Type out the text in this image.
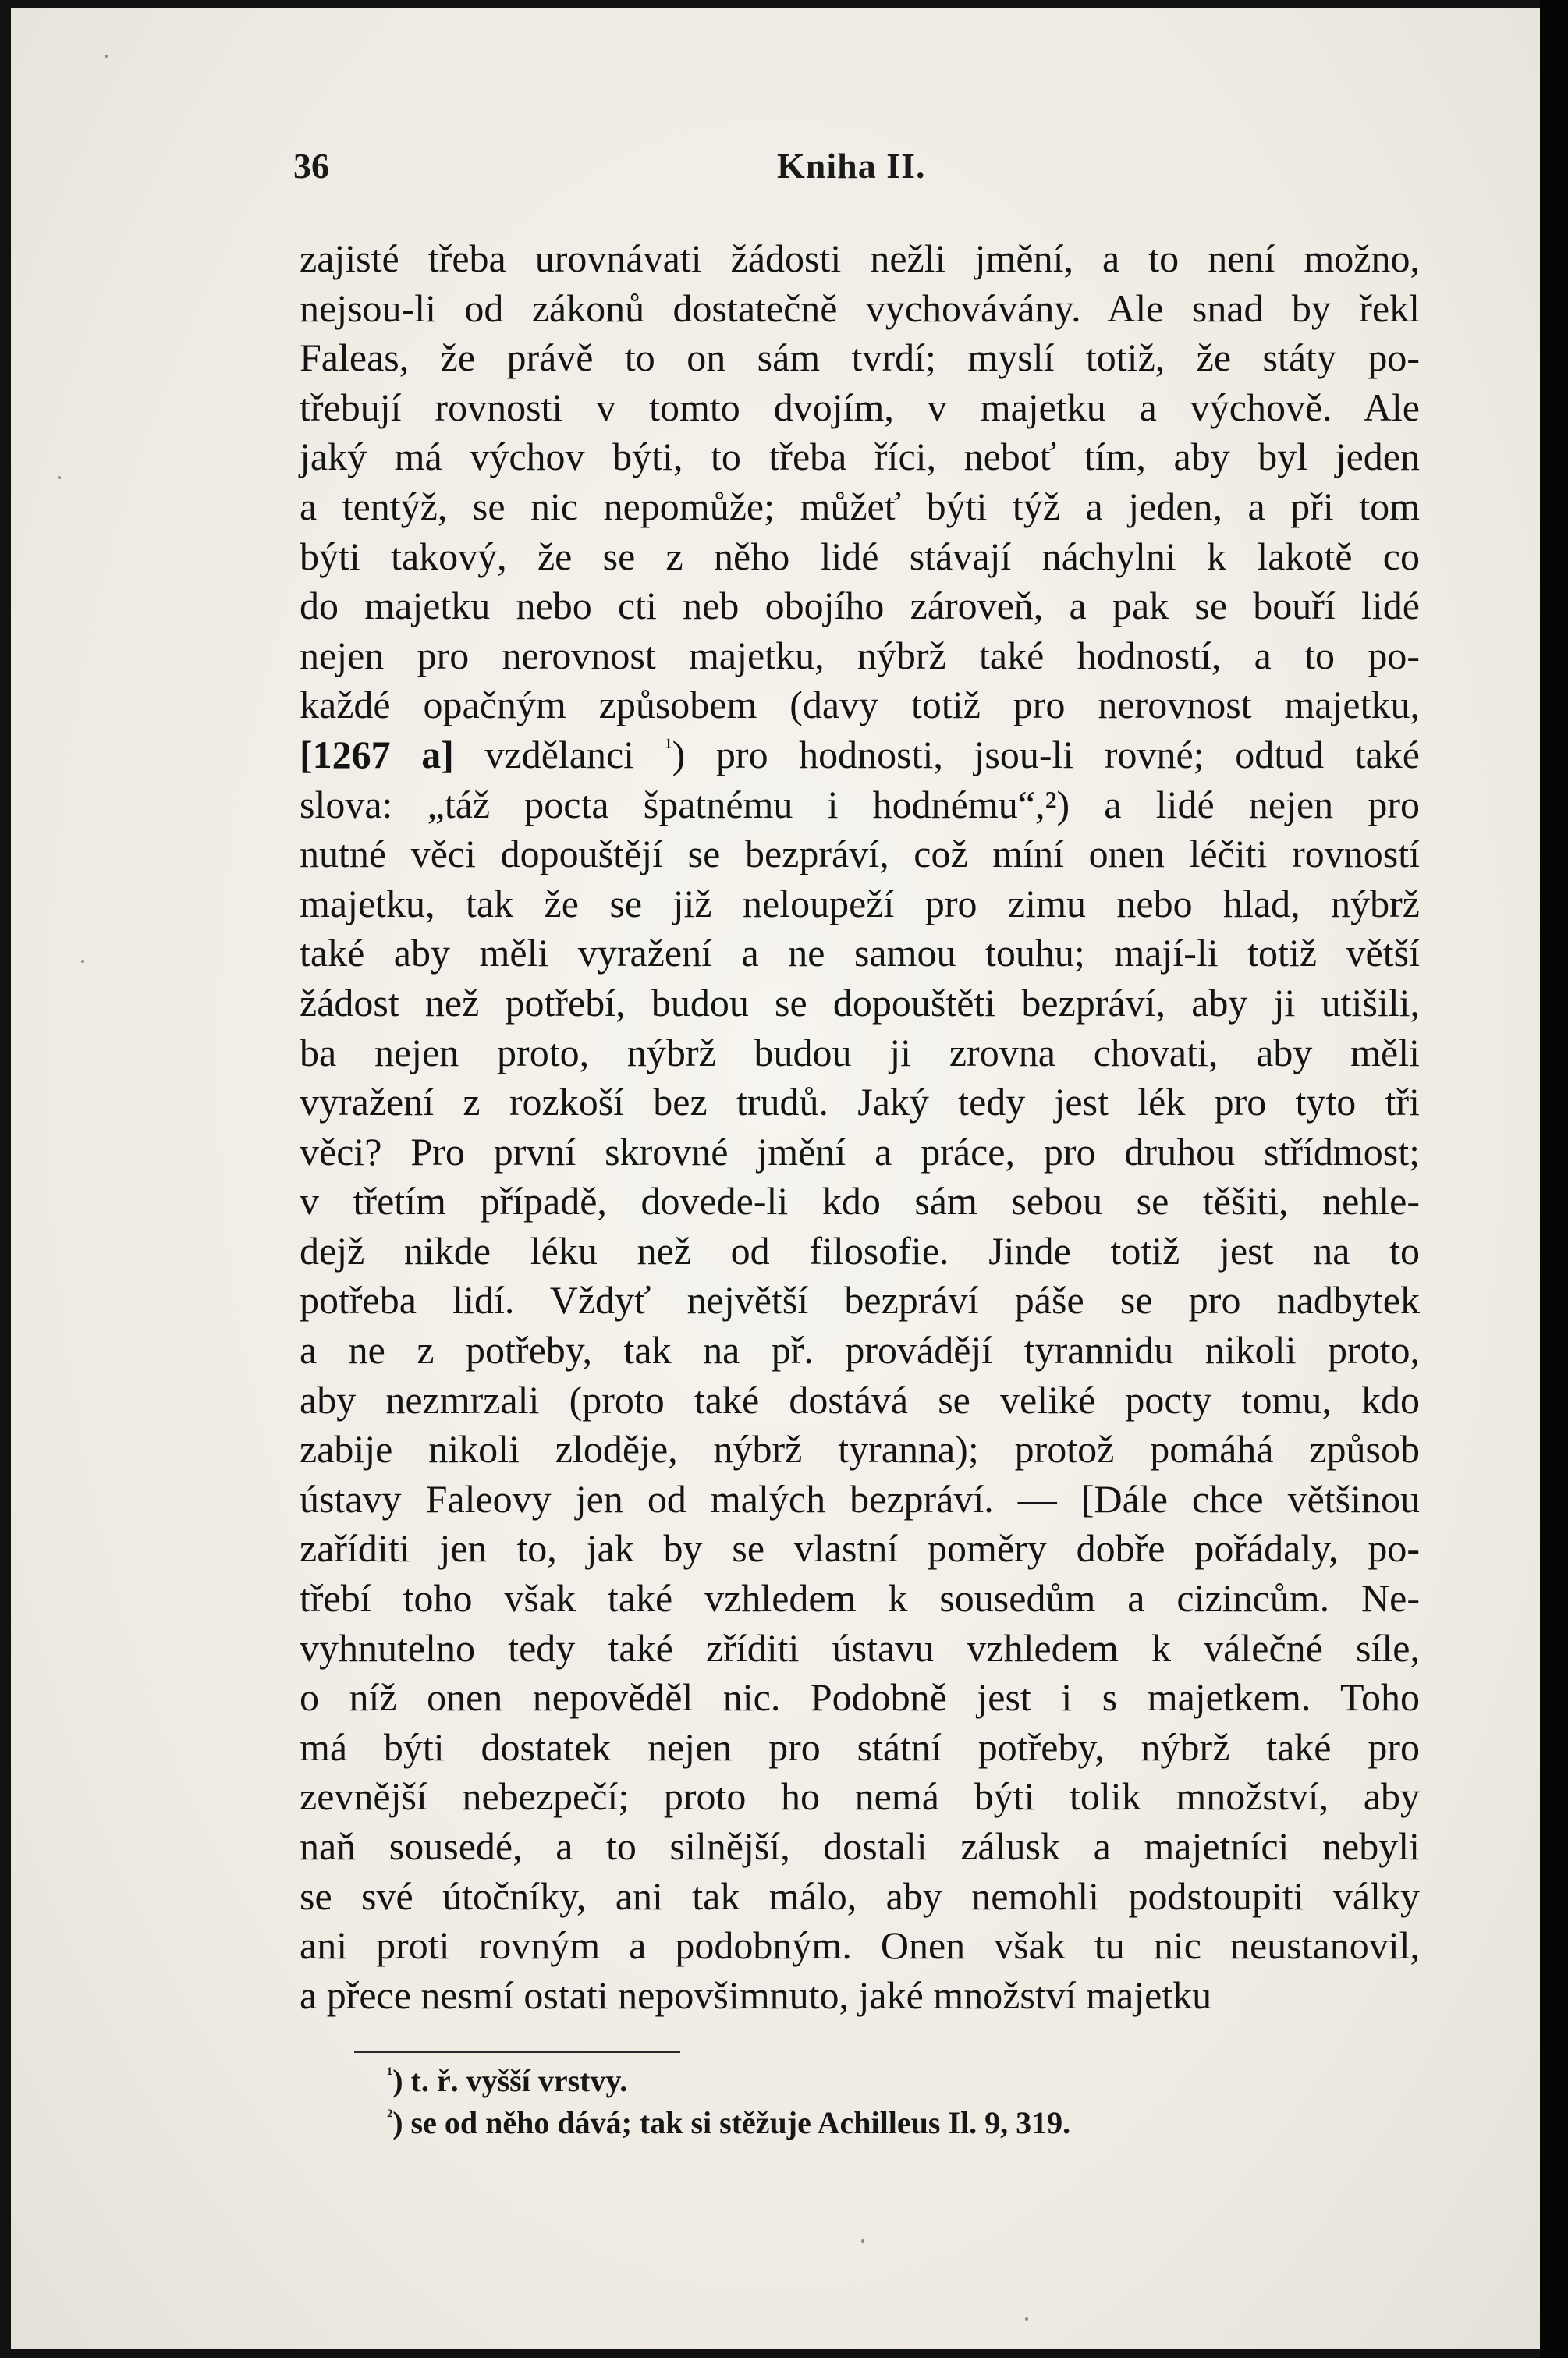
36	Kniha II.
zajisté třeba urovnávati žádosti nežli jmění, a to není možno,
nejsou-li od zákonů dostatečně vychovávány. Ale snad by řekl
Faleas, že právě to on sám tvrdí; myslí totiž, že státy po-
třebují rovnosti v tomto dvojím, v majetku a výchově. Ale
jaký má výchov býti, to třeba říci, neboť tím, aby byl jeden
a tentýž, se nic nepomůže; můžeť býti týž a jeden, a při tom
býti takový, že se z něho lidé stávají náchylni k lakotě co
do majetku nebo cti neb obojího zároveň, a pak se bouří lidé
nejen pro nerovnost majetku, nýbrž také hodností, a to po-
každé opačným způsobem (davy totiž pro nerovnost majetku,
[1267 a] vzdělanci $^{^1}$) pro hodnosti, jsou-li rovné; odtud také
slova: „táž pocta špatnému i hodnému“,²) a lidé nejen pro
nutné věci dopouštějí se bezpráví, což míní onen léčiti rovností
majetku, tak že se již neloupeží pro zimu nebo hlad, nýbrž
také aby měli vyražení a ne samou touhu; mají-li totiž větší
žádost než potřebí, budou se dopouštěti bezpráví, aby ji utišili,
ba nejen proto, nýbrž budou ji zrovna chovati, aby měli
vyražení z rozkoší bez trudů. Jaký tedy jest lék pro tyto tři
věci? Pro první skrovné jmění a práce, pro druhou střídmost;
v třetím případě, dovede-li kdo sám sebou se těšiti, nehle-
dejž nikde léku než od filosofie. Jinde totiž jest na to
potřeba lidí. Vždyť největší bezpráví páše se pro nadbytek
a ne z potřeby, tak na př. provádějí tyrannidu nikoli proto,
aby nezmrzali (proto také dostává se veliké pocty tomu, kdo
zabije nikoli zloděje, nýbrž tyranna); protož pomáhá způsob
ústavy Faleovy jen od malých bezpráví. — [Dále chce většinou
zaříditi jen to, jak by se vlastní poměry dobře pořádaly, po-
třebí toho však také vzhledem k sousedům a cizincům. Ne-
vyhnutelno tedy také zříditi ústavu vzhledem k válečné síle,
o níž onen nepověděl nic. Podobně jest i s majetkem. Toho
má býti dostatek nejen pro státní potřeby, nýbrž také pro
zevnější nebezpečí; proto ho nemá býti tolik množství, aby
naň sousedé, a to silnější, dostali zálusk a majetníci nebyli
se své útočníky, ani tak málo, aby nemohli podstoupiti války
ani proti rovným a podobným. Onen však tu nic neustanovil,
a přece nesmí ostati nepovšimnuto, jaké množství majetku
$^{^1}$) t. ř. vyšší vrstvy.
$^{^2}$) se od něho dává; tak si stěžuje Achilleus Il. 9, 319.
